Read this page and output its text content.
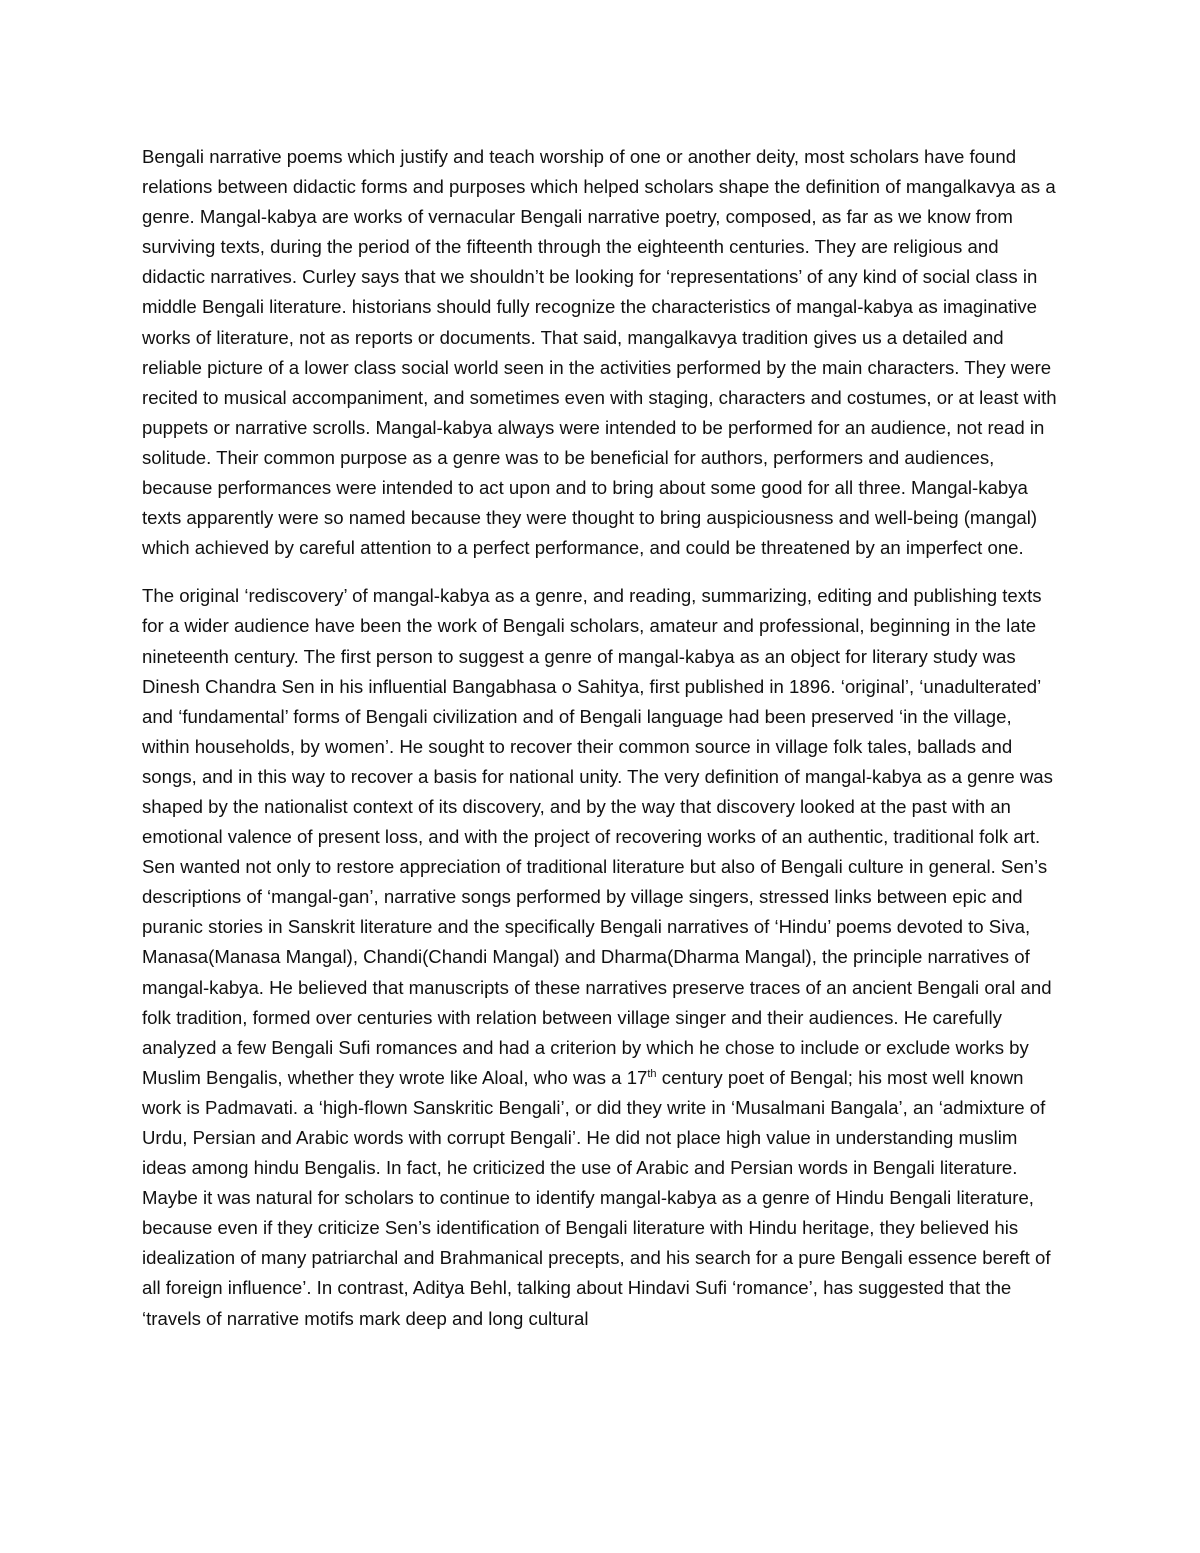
Bengali narrative poems which justify and teach worship of one or another deity, most scholars have found relations between didactic forms and purposes which helped scholars shape the definition of mangalkavya as a genre. Mangal-kabya are works of vernacular Bengali narrative poetry, composed, as far as we know from surviving texts, during the period of the fifteenth through the eighteenth centuries. They are religious and didactic narratives. Curley says that we shouldn’t be looking for ‘representations’ of any kind of social class in middle Bengali literature. historians should fully recognize the characteristics of mangal-kabya as imaginative works of literature, not as reports or documents. That said, mangalkavya tradition gives us a detailed and reliable picture of a lower class social world seen in the activities performed by the main characters. They were recited to musical accompaniment, and sometimes even with staging, characters and costumes, or at least with puppets or narrative scrolls. Mangal-kabya always were intended to be performed for an audience, not read in solitude. Their common purpose as a genre was to be beneficial for authors, performers and audiences, because performances were intended to act upon and to bring about some good for all three. Mangal-kabya texts apparently were so named because they were thought to bring auspiciousness and well-being (mangal) which achieved by careful attention to a perfect performance, and could be threatened by an imperfect one.

The original ‘rediscovery’ of mangal-kabya as a genre, and reading, summarizing, editing and publishing texts for a wider audience have been the work of Bengali scholars, amateur and professional, beginning in the late nineteenth century. The first person to suggest a genre of mangal-kabya as an object for literary study was Dinesh Chandra Sen in his influential Bangabhasa o Sahitya, first published in 1896. ‘original’, ‘unadulterated’ and ‘fundamental’ forms of Bengali civilization and of Bengali language had been preserved ‘in the village, within households, by women’. He sought to recover their common source in village folk tales, ballads and songs, and in this way to recover a basis for national unity. The very definition of mangal-kabya as a genre was shaped by the nationalist context of its discovery, and by the way that discovery looked at the past with an emotional valence of present loss, and with the project of recovering works of an authentic, traditional folk art. Sen wanted not only to restore appreciation of traditional literature but also of Bengali culture in general. Sen’s descriptions of ‘mangal-gan’, narrative songs performed by village singers, stressed links between epic and puranic stories in Sanskrit literature and the specifically Bengali narratives of ‘Hindu’ poems devoted to Siva, Manasa(Manasa Mangal), Chandi(Chandi Mangal) and Dharma(Dharma Mangal), the principle narratives of mangal-kabya. He believed that manuscripts of these narratives preserve traces of an ancient Bengali oral and folk tradition, formed over centuries with relation between village singer and their audiences. He carefully analyzed a few Bengali Sufi romances and had a criterion by which he chose to include or exclude works by Muslim Bengalis, whether they wrote like Aloal, who was a 17th century poet of Bengal; his most well known work is Padmavati. a ‘high-flown Sanskritic Bengali’, or did they write in ‘Musalmani Bangala’, an ‘admixture of Urdu, Persian and Arabic words with corrupt Bengali’. He did not place high value in understanding muslim ideas among hindu Bengalis. In fact, he criticized the use of Arabic and Persian words in Bengali literature. Maybe it was natural for scholars to continue to identify mangal-kabya as a genre of Hindu Bengali literature, because even if they criticize Sen’s identification of Bengali literature with Hindu heritage, they believed his idealization of many patriarchal and Brahmanical precepts, and his search for a pure Bengali essence bereft of all foreign influence’. In contrast, Aditya Behl, talking about Hindavi Sufi ‘romance’, has suggested that the ‘travels of narrative motifs mark deep and long cultural
